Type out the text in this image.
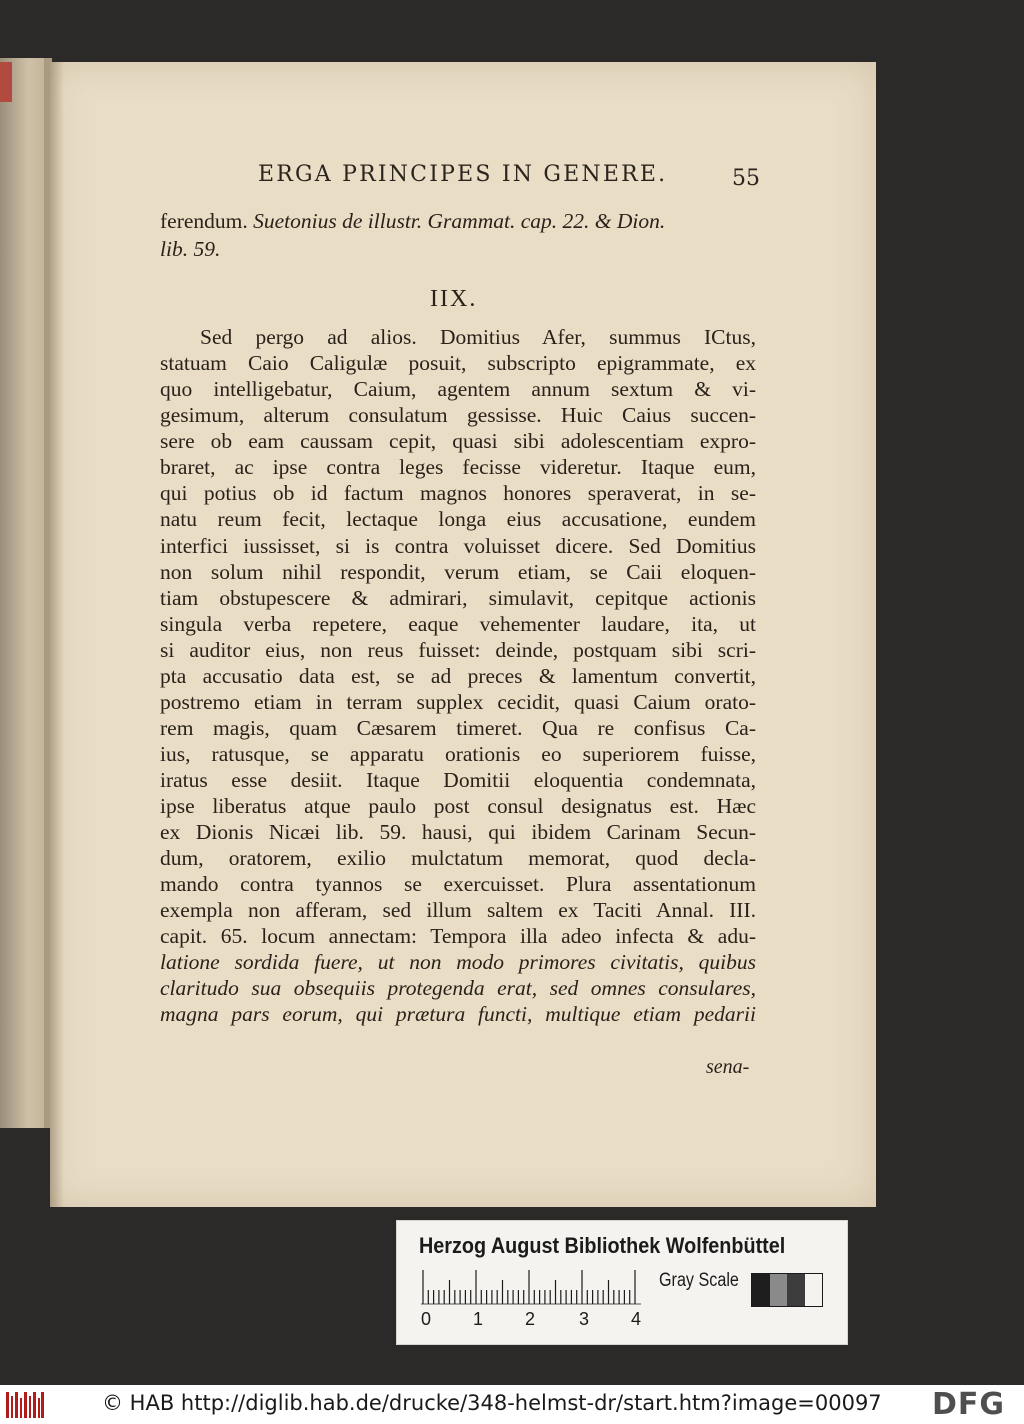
ERGA PRINCIPES IN GENERE.	55
IIX.
ferendum. Suetonius de illustr. Grammat. cap. 22. & Dion.
lib. 59.
Sed pergo ad alios. Domitius Afer, summus ICtus,
statuam Caio Caligulæ posuit, subscripto epigrammate, ex
quo intelligebatur, Caium, agentem annum sextum & vi-
gesimum, alterum consulatum gessisse. Huic Caius succen-
sere ob eam caussam cepit, quasi sibi adolescentiam expro-
braret, ac ipse contra leges fecisse videretur. Itaque eum,
qui potius ob id factum magnos honores speraverat, in se-
natu reum fecit, lectaque longa eius accusatione, eundem
interfici iussisset, si is contra voluisset dicere. Sed Domitius
non solum nihil respondit, verum etiam, se Caii eloquen-
tiam obstupescere & admirari, simulavit, cepitque actionis
singula verba repetere, eaque vehementer laudare, ita, ut
si auditor eius, non reus fuisset: deinde, postquam sibi scri-
pta accusatio data est, se ad preces & lamentum convertit,
postremo etiam in terram supplex cecidit, quasi Caium orato-
rem magis, quam Cæsarem timeret. Qua re confisus Ca-
ius, ratusque, se apparatu orationis eo superiorem fuisse,
iratus esse desiit. Itaque Domitii eloquentia condemnata,
ipse liberatus atque paulo post consul designatus est. Hæc
ex Dionis Nicæi lib. 59. hausi, qui ibidem Carinam Secun-
dum, oratorem, exilio mulctatum memorat, quod decla-
mando contra tyannos se exercuisset. Plura assentationum
exempla non afferam, sed illum saltem ex Taciti Annal. III.
capit. 65. locum annectam: Tempora illa adeo infecta & adu-
latione sordida fuere, ut non modo primores civitatis, quibus
claritudo sua obsequiis protegenda erat, sed omnes consulares,
magna pars eorum, qui prætura functi, multique etiam pedarii
sena-
Herzog August Bibliothek Wolfenbüttel
Gray Scale
0 1 2 3 4
© HAB http://diglib.hab.de/drucke/348-helmst-dr/start.htm?image=00097 DFG
